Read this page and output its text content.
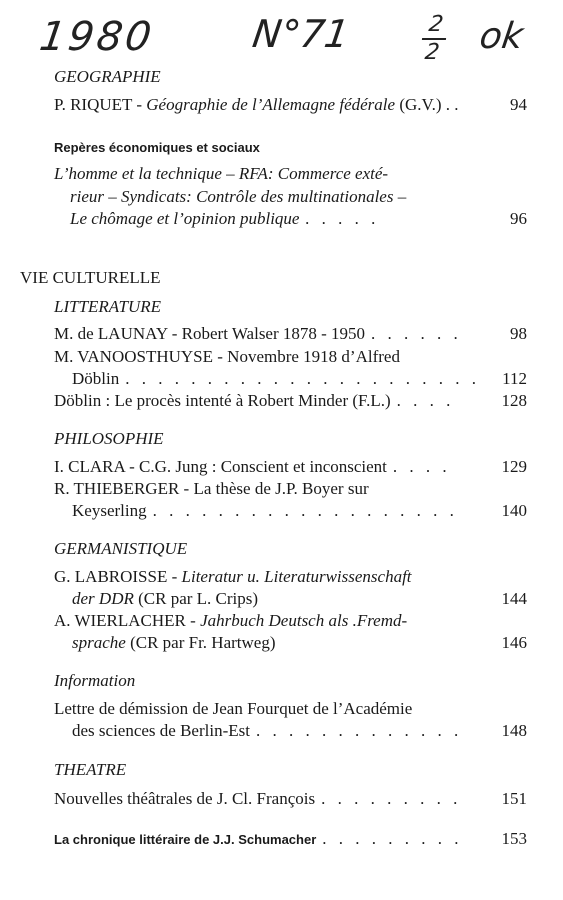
1980 N°71	2
2 ok
GEOGRAPHIE
P. RIQUET - Géographie de l’Allemagne fédérale (G.V.) . .	94
Repères économiques et sociaux
L’homme et la technique – RFA: Commerce exté-
rieur – Syndicats: Contrôle des multinationales –
Le chômage et l’opinion publique . . .	96
VIE CULTURELLE
LITTERATURE
M. de LAUNAY - Robert Walser 1878 - 1950 . . .	98
M. VANOOSTHUYSE - Novembre 1918 d’Alfred
Döblin . . .	112
Döblin : Le procès intenté à Robert Minder (F.L.) . . .	128
PHILOSOPHIE
I. CLARA - C.G. Jung : Conscient et inconscient . . .	129
R. THIEBERGER - La thèse de J.P. Boyer sur
Keyserling . . .	140
GERMANISTIQUE
G. LABROISSE - Literatur u. Literaturwissenschaft
der DDR (CR par L. Crips)	144
A. WIERLACHER - Jahrbuch Deutsch als .Fremd-
sprache (CR par Fr. Hartweg)	146
Information
Lettre de démission de Jean Fourquet de l’Académie
des sciences de Berlin-Est . . .	148
THEATRE
Nouvelles théâtrales de J. Cl. François . . .	151
La chronique littéraire de J.J. Schumacher . . .	153
